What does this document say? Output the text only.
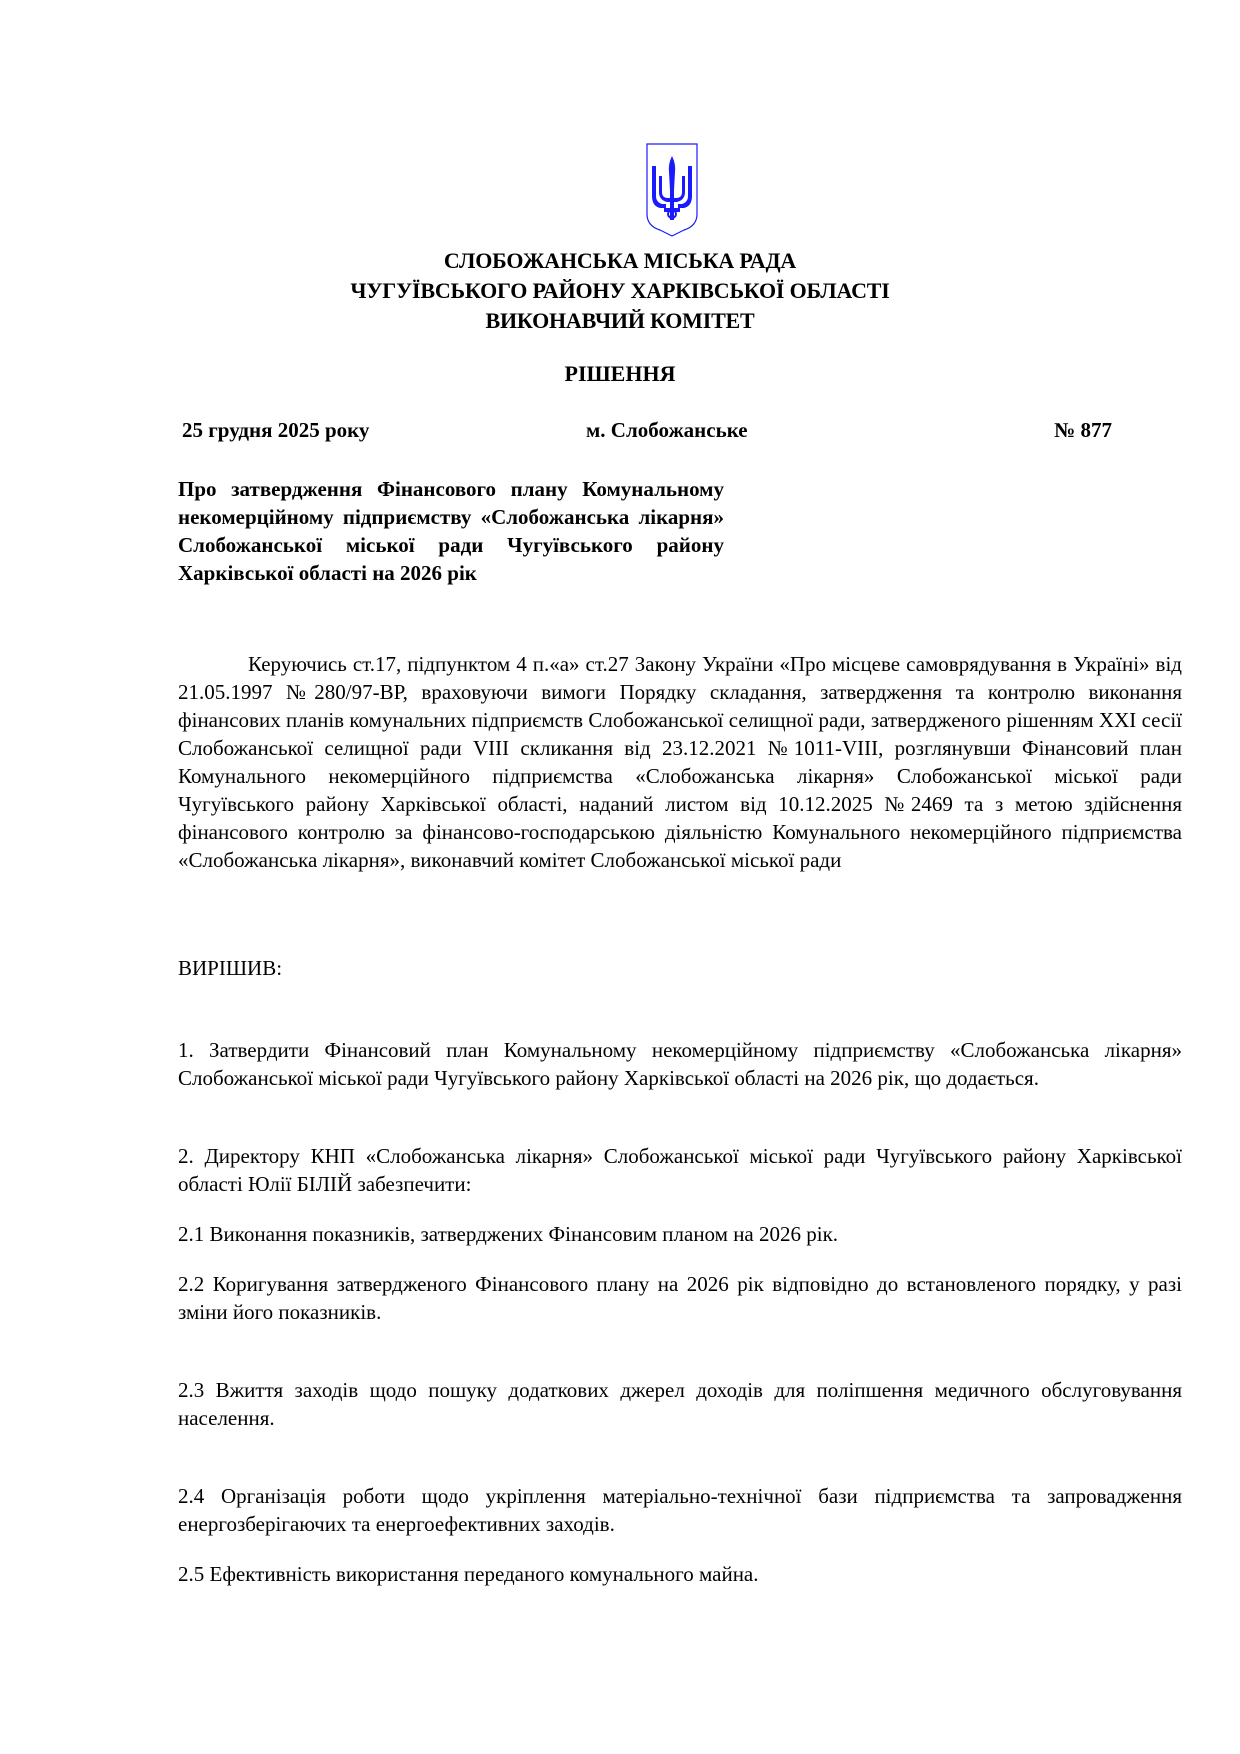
СЛОБОЖАНСЬКА МІСЬКА РАДА
ЧУГУЇВСЬКОГО РАЙОНУ ХАРКІВСЬКОЇ ОБЛАСТІ
ВИКОНАВЧИЙ КОМІТЕТ
РІШЕННЯ
25 грудня 2025 року	м. Слобожанське	№ 877
Про затвердження Фінансового плану Комунальному некомерційному підприємству «Слобожанська лікарня» Слобожанської міської ради Чугуївського району Харківської області на 2026 рік
Керуючись ст.17, підпунктом 4 п.«а» ст.27 Закону України «Про місцеве самоврядування в Україні» від 21.05.1997 №280/97-ВР, враховуючи вимоги Порядку складання, затвердження та контролю виконання фінансових планів комунальних підприємств Слобожанської селищної ради, затвердженого рішенням XXI сесії Слобожанської селищної ради VIII скликання від 23.12.2021 №1011-VIII, розглянувши Фінансовий план Комунального некомерційного підприємства «Слобожанська лікарня» Слобожанської міської ради Чугуївського району Харківської області, наданий листом від 10.12.2025 №2469 та з метою здійснення фінансового контролю за фінансово-господарською діяльністю Комунального некомерційного підприємства «Слобожанська лікарня», виконавчий комітет Слобожанської міської ради
ВИРІШИВ:
1. Затвердити Фінансовий план Комунальному некомерційному підприємству «Слобожанська лікарня» Слобожанської міської ради Чугуївського району Харківської області на 2026 рік, що додається.
2. Директору КНП «Слобожанська лікарня» Слобожанської міської ради Чугуївського району Харківської області Юлії БІЛІЙ забезпечити:
2.1 Виконання показників, затверджених Фінансовим планом на 2026 рік.
2.2 Коригування затвердженого Фінансового плану на 2026 рік відповідно до встановленого порядку, у разі зміни його показників.
2.3 Вжиття заходів щодо пошуку додаткових джерел доходів для поліпшення медичного обслуговування населення.
2.4 Організація роботи щодо укріплення матеріально-технічної бази підприємства та запровадження енергозберігаючих та енергоефективних заходів.
2.5 Ефективність використання переданого комунального майна.
